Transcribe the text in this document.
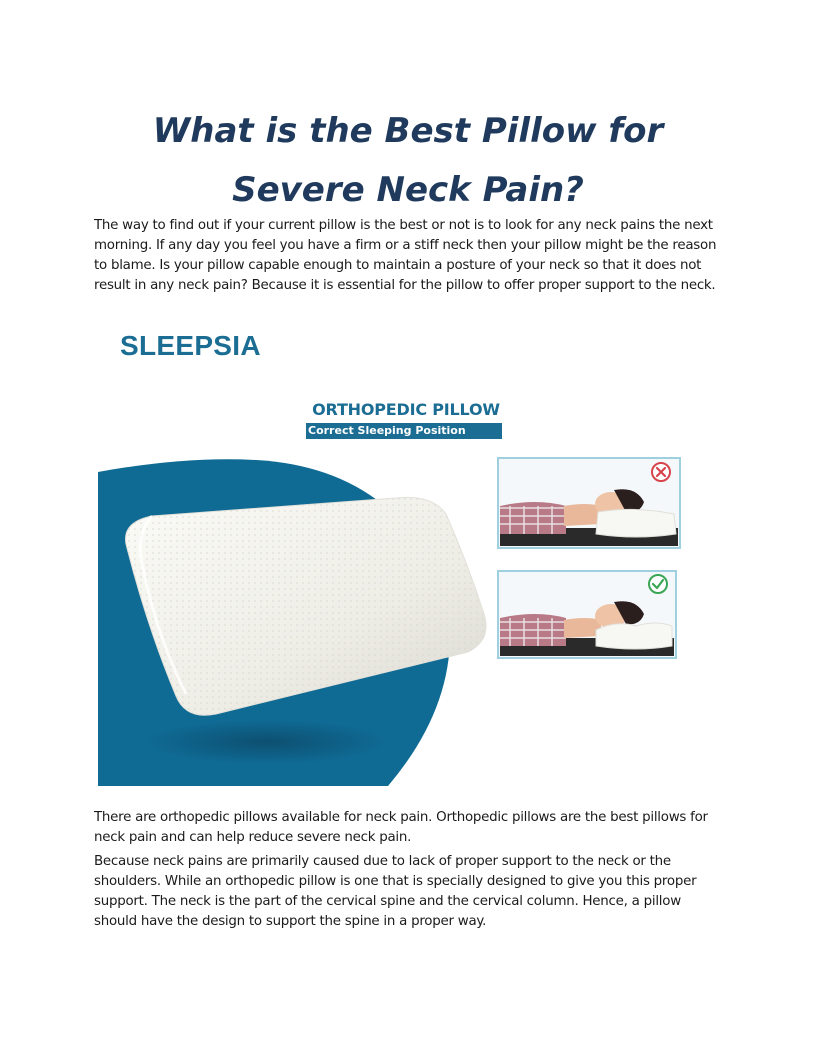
What is the Best Pillow for Severe Neck Pain?

The way to find out if your current pillow is the best or not is to look for any neck pains the next morning. If any day you feel you have a firm or a stiff neck then your pillow might be the reason to blame. Is your pillow capable enough to maintain a posture of your neck so that it does not result in any neck pain? Because it is essential for the pillow to offer proper support to the neck.

SLEEPSIA
ORTHOPEDIC PILLOW
Correct Sleeping Position

There are orthopedic pillows available for neck pain. Orthopedic pillows are the best pillows for neck pain and can help reduce severe neck pain.

Because neck pains are primarily caused due to lack of proper support to the neck or the shoulders. While an orthopedic pillow is one that is specially designed to give you this proper support. The neck is the part of the cervical spine and the cervical column. Hence, a pillow should have the design to support the spine in a proper way.
